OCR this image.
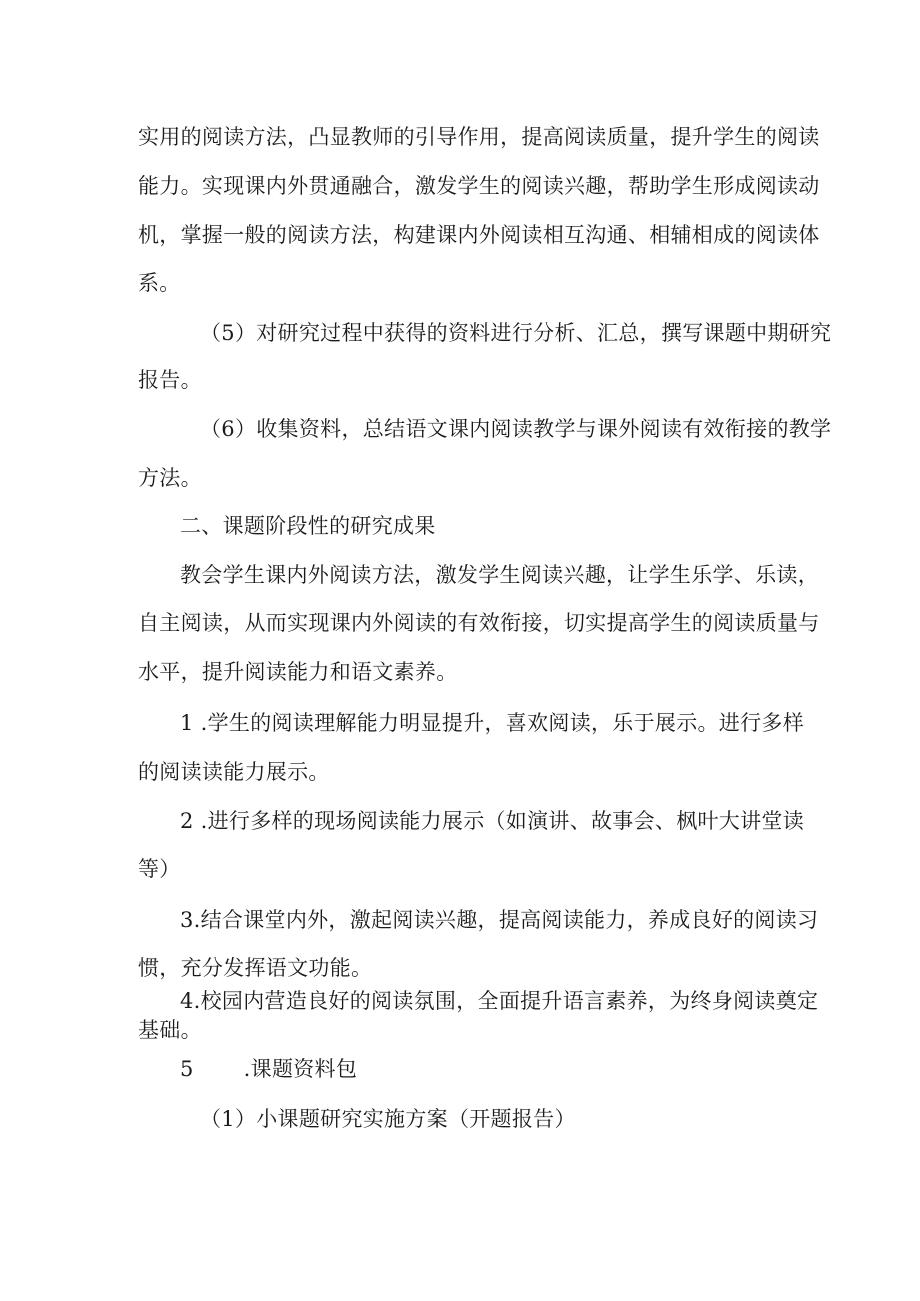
实用的阅读方法，凸显教师的引导作用，提高阅读质量，提升学生的阅读
能力。实现课内外贯通融合，激发学生的阅读兴趣，帮助学生形成阅读动
机，掌握一般的阅读方法，构建课内外阅读相互沟通、相辅相成的阅读体
系。
（5）对研究过程中获得的资料进行分析、汇总，撰写课题中期研究
报告。
（6）收集资料，总结语文课内阅读教学与课外阅读有效衔接的教学
方法。
二、课题阶段性的研究成果
教会学生课内外阅读方法，激发学生阅读兴趣，让学生乐学、乐读，
自主阅读，从而实现课内外阅读的有效衔接，切实提高学生的阅读质量与
水平，提升阅读能力和语文素养。
1 .学生的阅读理解能力明显提升，喜欢阅读，乐于展示。进行多样
的阅读读能力展示。
2 .进行多样的现场阅读能力展示（如演讲、故事会、枫叶大讲堂读
等）
3.结合课堂内外，激起阅读兴趣，提高阅读能力，养成良好的阅读习
惯，充分发挥语文功能。
4.校园内营造良好的阅读氛围，全面提升语言素养，为终身阅读奠定
基础。
5 .课题资料包
（1）小课题研究实施方案（开题报告）
